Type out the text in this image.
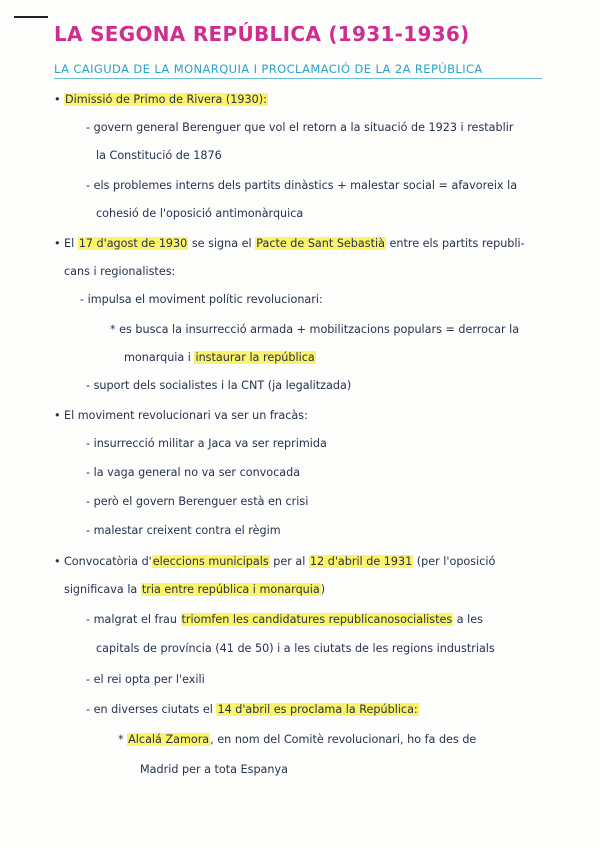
LA SEGONA REPÚBLICA (1931-1936)
LA CAIGUDA DE LA MONARQUIA I PROCLAMACIÓ DE LA 2A REPÚBLICA
• Dimissió de Primo de Rivera (1930):
- govern general Berenguer que vol el retorn a la situació de 1923 i restablir
la Constitució de 1876
- els problemes interns dels partits dinàstics + malestar social = afavoreix la
cohesió de l'oposició antimonàrquica
• El 17 d'agost de 1930 se signa el Pacte de Sant Sebastià entre els partits republi-
cans i regionalistes:
- impulsa el moviment polític revolucionari:
* es busca la insurrecció armada + mobilitzacions populars = derrocar la
monarquia i instaurar la república
- suport dels socialistes i la CNT (ja legalitzada)
• El moviment revolucionari va ser un fracàs:
- insurrecció militar a Jaca va ser reprimida
- la vaga general no va ser convocada
- però el govern Berenguer està en crisi
- malestar creixent contra el règim
• Convocatòria d'eleccions municipals per al 12 d'abril de 1931 (per l'oposició
significava la tria entre república i monarquia)
- malgrat el frau triomfen les candidatures republicanosocialistes a les
capitals de província (41 de 50) i a les ciutats de les regions industrials
- el rei opta per l'exili
- en diverses ciutats el 14 d'abril es proclama la República:
* Alcalá Zamora, en nom del Comitè revolucionari, ho fa des de
Madrid per a tota Espanya
